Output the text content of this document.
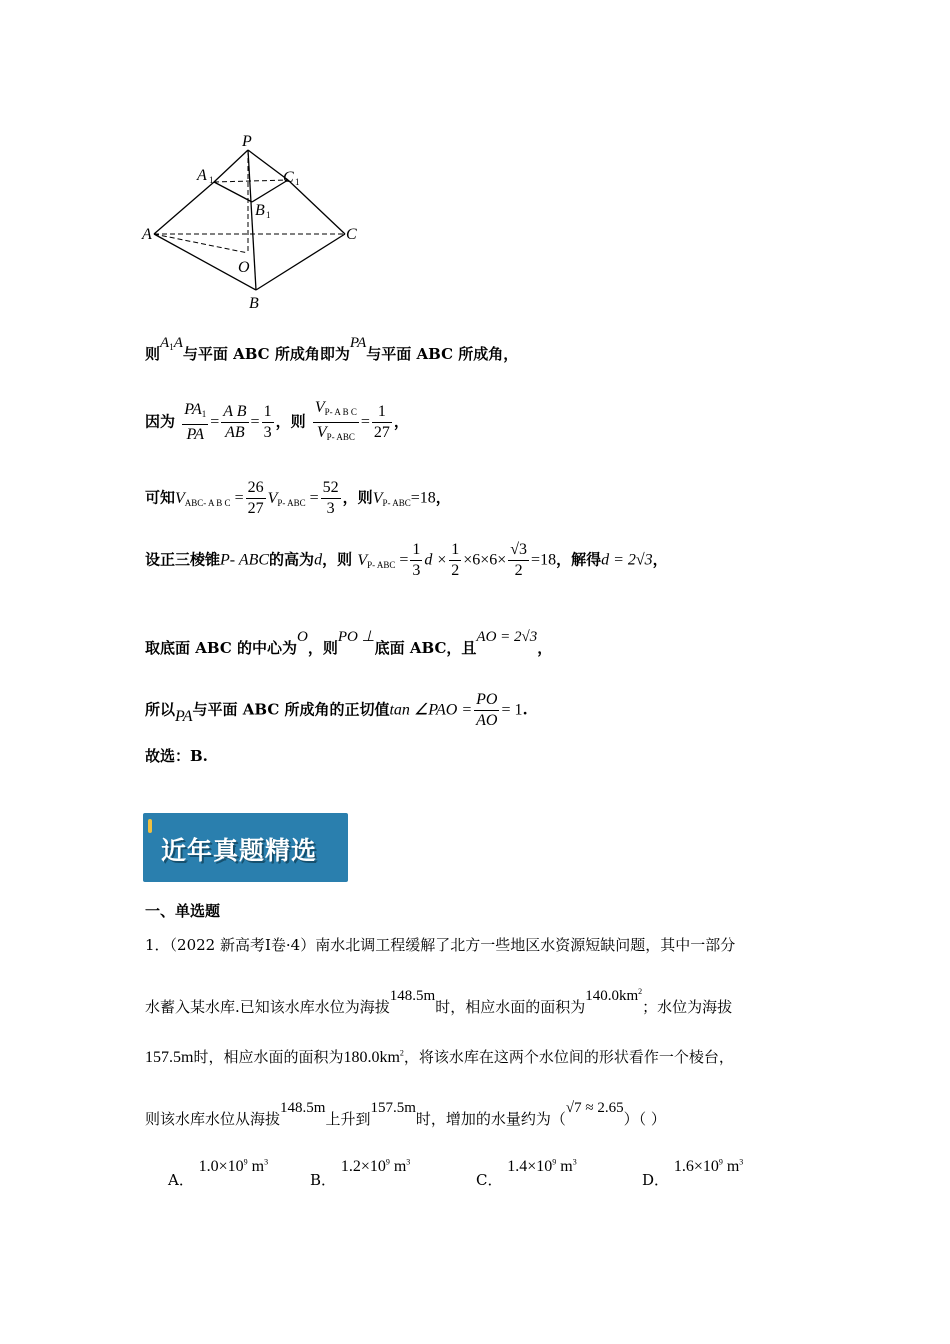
P
A 1	C 1
B 1
A	C
O
B
则$A_1A$与平面 ABC 所成角即为PA与平面 ABC 所成角，
因为 $\frac{PA_1}{PA} = \frac{\text{A B}}{AB} = \frac{1}{3}$ ，则 $\frac{V_{P- A B C}}{V_{P- ABC}} = \frac{1}{27}$ ，
可知$V_{ABC- A B C} = \frac{26}{27} V_{P- ABC} = \frac{52}{3}$ ，则$V_{P- ABC}=18$，
设正三棱锥P- ABC的高为d，则 $V_{P- ABC} = \frac{1}{3}$ $d \times \frac{1}{2} \times 6\times 6\times \frac{√3}{2} =18$，解得d = 2√3，
取底面 ABC 的中心为O，则PO ⊥底面 ABC，且AO = 2√3，
所以PA与平面 ABC 所成角的正切值tan ∠PAO = $\frac{PO}{AO} = 1$.
故选：B.
近年真题精选
一、单选题
1．（2022 新高考Ⅰ卷·4）南水北调工程缓解了北方一些地区水资源短缺问题，其中一部分
水蓄入某水库.已知该水库水位为海拔148.5m时，相应水面的面积为$140.0km^2$；水位为海拔
157.5m时，相应水面的面积为$180.0km^2$，将该水库在这两个水位间的形状看作一个棱台，
则该水库水位从海拔148.5m上升到157.5m时，增加的水量约为（√7 ≈ 2.65）（ ）
A． $1.0\times 10^9$ $m^3$
B． $1.2\times 10^9$ $m^3$
C． $1.4\times 10^9$ $m^3$
D． $1.6\times 10^9$ $m^3$
